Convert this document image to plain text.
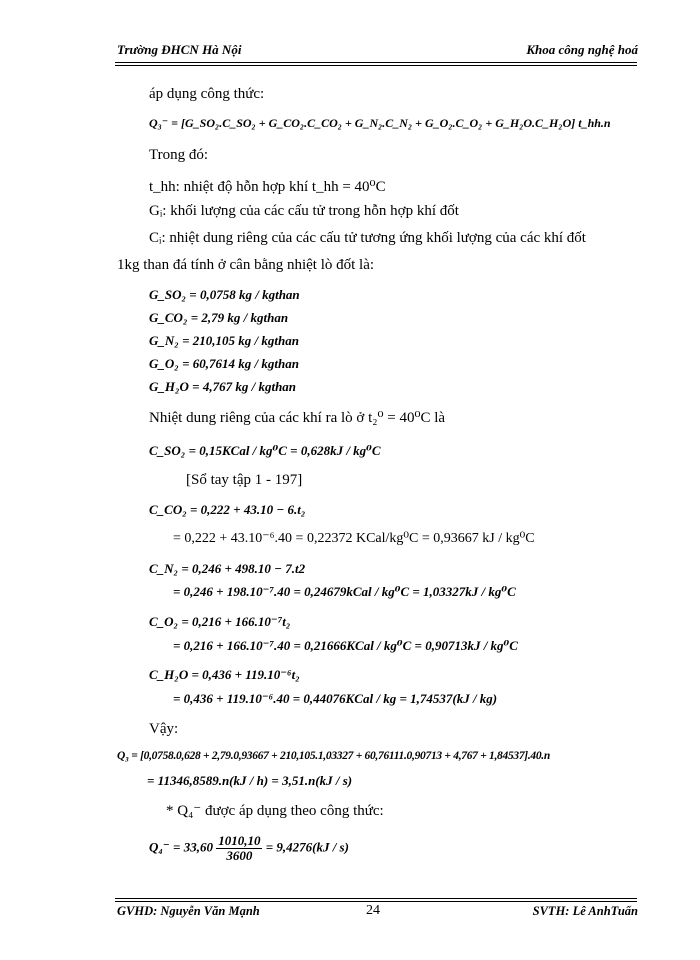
Trường ĐHCN Hà Nội	Khoa công nghệ hoá
áp dụng công thức:
Q₃⁻ = [G_SO₂.C_SO₂ + G_CO₂.C_CO₂ + G_N₂.C_N₂ + G_O₂.C_O₂ + G_H₂O.C_H₂O] t_hh.n
Trong đó:
t_hh: nhiệt độ hỗn hợp khí t_hh = 40⁰C
Gᵢ: khối lượng của các cấu tử trong hỗn hợp khí đốt
Cᵢ: nhiệt dung riêng của các cấu tử tương ứng khối lượng của các khí đốt
1kg than đá tính ở cân bằng nhiệt lò đốt là:
G_SO₂ = 0,0758 kg / kgthan
G_CO₂ = 2,79 kg / kgthan
G_N₂ = 210,105 kg / kgthan
G_O₂ = 60,7614 kg / kgthan
G_H₂O = 4,767 kg / kgthan
Nhiệt dung riêng của các khí ra lò ở t₂⁰ = 40⁰C là
C_SO₂ = 0,15KCal / kg⁰C = 0,628kJ / kg⁰C
[Sổ tay tập 1 - 197]
C_CO₂ = 0,222 + 43.10 − 6.t₂
= 0,222 + 43.10⁻⁶.40 = 0,22372 KCal/kg⁰C = 0,93667 kJ / kg⁰C
C_N₂ = 0,246 + 498.10 − 7.t2
= 0,246 + 198.10⁻⁷.40 = 0,24679kCal / kg⁰C = 1,03327kJ / kg⁰C
C_O₂ = 0,216 + 166.10⁻⁷t₂
= 0,216 + 166.10⁻⁷.40 = 0,21666KCal / kg⁰C = 0,90713kJ / kg⁰C
C_H₂O = 0,436 + 119.10⁻⁶t₂
= 0,436 + 119.10⁻⁶.40 = 0,44076KCal / kg = 1,74537(kJ / kg)
Vậy:
Q₃ = [0,0758.0,628 + 2,79.0,93667 + 210,105.1,03327 + 60,76111.0,90713 + 4,767 + 1,84537].40.n
= 11346,8589.n(kJ / h) = 3,51.n(kJ / s)
* Q₄⁻ được áp dụng theo công thức:
$Q_4^- = 33,60 \frac{1010,10}{3600} = 9,4276(kJ / s)$
GVHD: Nguyễn Văn Mạnh	24	SVTH: Lê AnhTuấn
